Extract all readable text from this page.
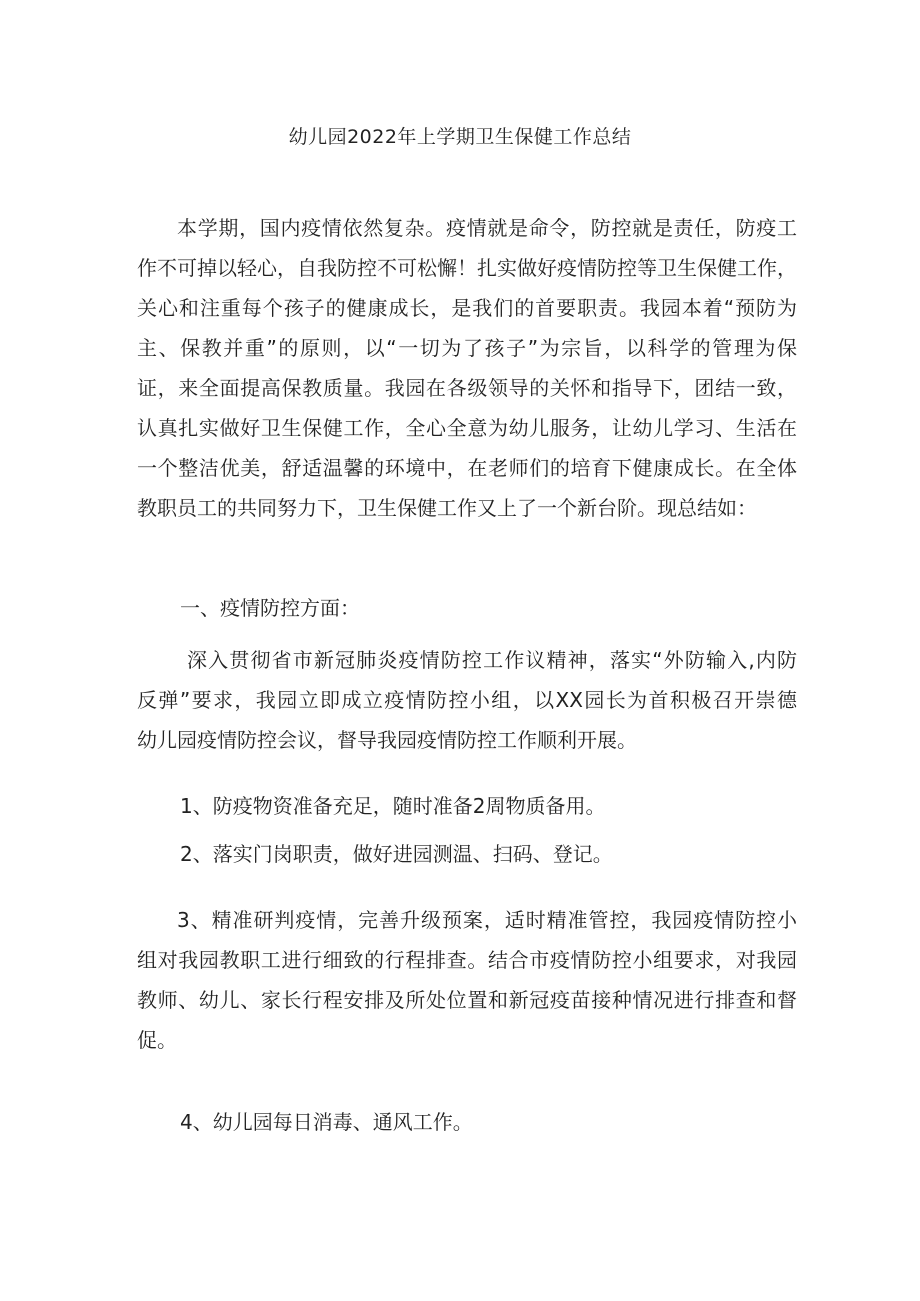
幼儿园2022年上学期卫生保健工作总结

本学期，国内疫情依然复杂。疫情就是命令，防控就是责任，防疫工
作不可掉以轻心，自我防控不可松懈！扎实做好疫情防控等卫生保健工作，
关心和注重每个孩子的健康成长，是我们的首要职责。我园本着“预防为
主、保教并重”的原则，以“一切为了孩子”为宗旨，以科学的管理为保
证，来全面提高保教质量。我园在各级领导的关怀和指导下，团结一致，
认真扎实做好卫生保健工作，全心全意为幼儿服务，让幼儿学习、生活在
一个整洁优美，舒适温馨的环境中，在老师们的培育下健康成长。在全体
教职员工的共同努力下，卫生保健工作又上了一个新台阶。现总结如：

一、疫情防控方面：

深入贯彻省市新冠肺炎疫情防控工作议精神，落实“外防输入,内防
反弹”要求，我园立即成立疫情防控小组，以XX园长为首积极召开崇德
幼儿园疫情防控会议，督导我园疫情防控工作顺利开展。

1、防疫物资准备充足，随时准备2周物质备用。
2、落实门岗职责，做好进园测温、扫码、登记。

3、精准研判疫情，完善升级预案，适时精准管控，我园疫情防控小
组对我园教职工进行细致的行程排查。结合市疫情防控小组要求，对我园
教师、幼儿、家长行程安排及所处位置和新冠疫苗接种情况进行排查和督
促。

4、幼儿园每日消毒、通风工作。
